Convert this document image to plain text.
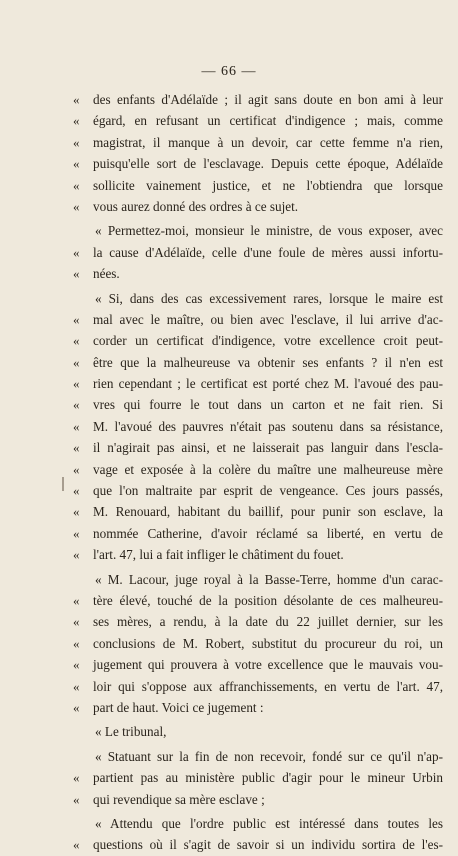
— 66 —
« des enfants d'Adélaïde ; il agit sans doute en bon ami à leur
« égard, en refusant un certificat d'indigence ; mais, comme
« magistrat, il manque à un devoir, car cette femme n'a rien,
« puisqu'elle sort de l'esclavage. Depuis cette époque, Adélaïde
« sollicite vainement justice, et ne l'obtiendra que lorsque
« vous aurez donné des ordres à ce sujet.
« Permettez-moi, monsieur le ministre, de vous exposer, avec
« la cause d'Adélaïde, celle d'une foule de mères aussi infortu-
« nées.
« Si, dans des cas excessivement rares, lorsque le maire est
« mal avec le maître, ou bien avec l'esclave, il lui arrive d'ac-
« corder un certificat d'indigence, votre excellence croit peut-
« être que la malheureuse va obtenir ses enfants ? il n'en est
« rien cependant ; le certificat est porté chez M. l'avoué des pau-
« vres qui fourre le tout dans un carton et ne fait rien. Si
« M. l'avoué des pauvres n'était pas soutenu dans sa résistance,
« il n'agirait pas ainsi, et ne laisserait pas languir dans l'escla-
« vage et exposée à la colère du maître une malheureuse mère
« que l'on maltraite par esprit de vengeance. Ces jours passés,
« M. Renouard, habitant du baillif, pour punir son esclave, la
« nommée Catherine, d'avoir réclamé sa liberté, en vertu de
« l'art. 47, lui a fait infliger le châtiment du fouet.
« M. Lacour, juge royal à la Basse-Terre, homme d'un carac-
« tère élevé, touché de la position désolante de ces malheureu-
« ses mères, a rendu, à la date du 22 juillet dernier, sur les
« conclusions de M. Robert, substitut du procureur du roi, un
« jugement qui prouvera à votre excellence que le mauvais vou-
« loir qui s'oppose aux affranchissements, en vertu de l'art. 47,
« part de haut. Voici ce jugement :
« Le tribunal,
« Statuant sur la fin de non recevoir, fondé sur ce qu'il n'ap-
« partient pas au ministère public d'agir pour le mineur Urbin
« qui revendique sa mère esclave ;
« Attendu que l'ordre public est intéressé dans toutes les
« questions où il s'agit de savoir si un individu sortira de l'es-
